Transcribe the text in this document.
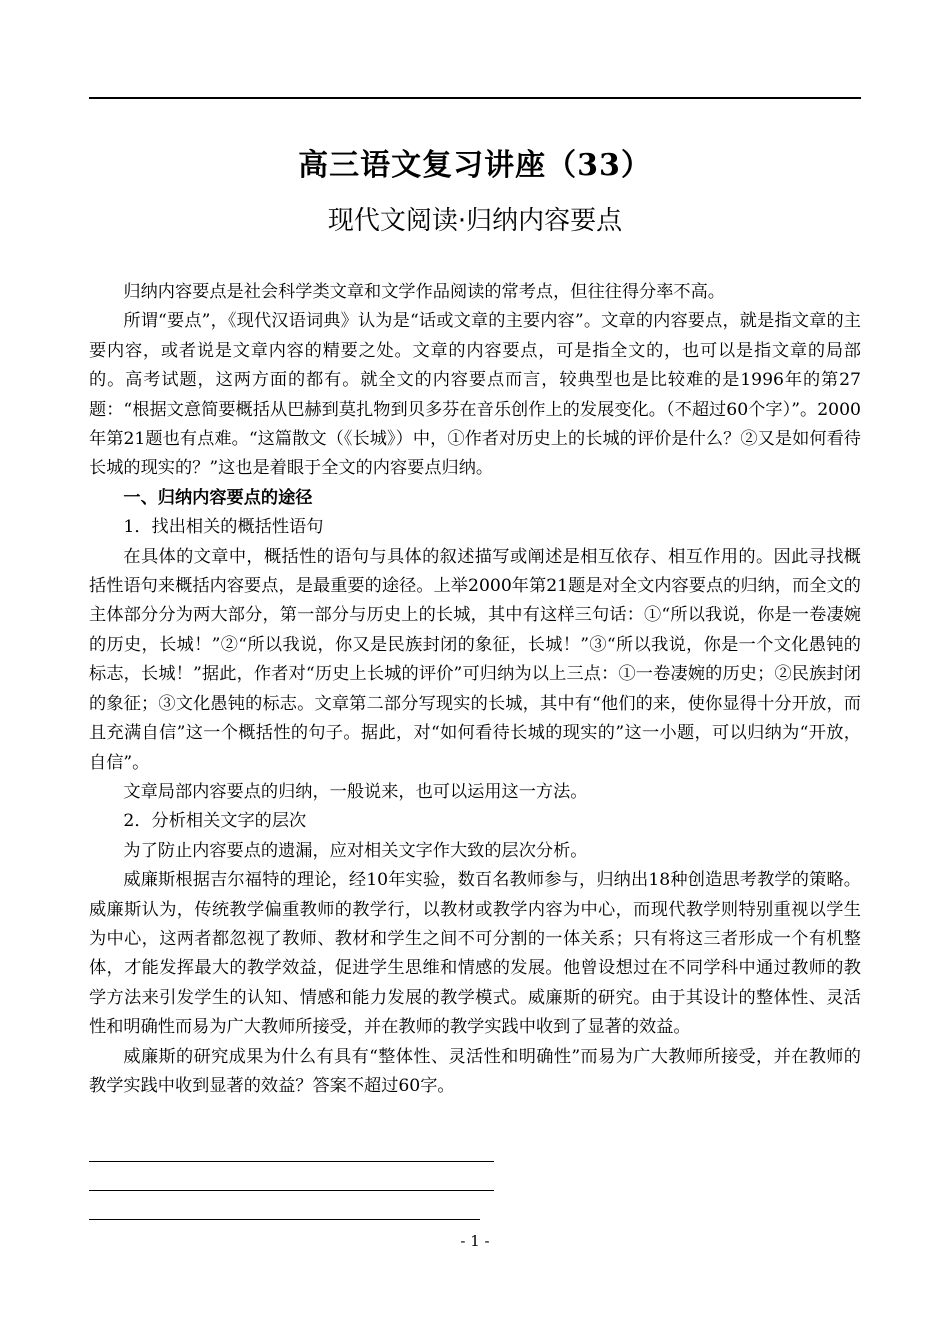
高三语文复习讲座（33）
现代文阅读·归纳内容要点

归纳内容要点是社会科学类文章和文学作品阅读的常考点，但往往得分率不高。

所谓“要点”，《现代汉语词典》认为是“话或文章的主要内容”。文章的内容要点，就是指文章的主要内容，或者说是文章内容的精要之处。文章的内容要点，可是指全文的，也可以是指文章的局部的。高考试题，这两方面的都有。就全文的内容要点而言，较典型也是比较难的是1996年的第27题：“根据文意简要概括从巴赫到莫扎物到贝多芬在音乐创作上的发展变化。（不超过60个字）”。2000年第21题也有点难。“这篇散文（《长城》）中，①作者对历史上的长城的评价是什么？②又是如何看待长城的现实的？”这也是着眼于全文的内容要点归纳。

一、归纳内容要点的途径

1．找出相关的概括性语句

在具体的文章中，概括性的语句与具体的叙述描写或阐述是相互依存、相互作用的。因此寻找概括性语句来概括内容要点，是最重要的途径。上举2000年第21题是对全文内容要点的归纳，而全文的主体部分分为两大部分，第一部分与历史上的长城，其中有这样三句话：①“所以我说，你是一卷凄婉的历史，长城！”②“所以我说，你又是民族封闭的象征，长城！”③“所以我说，你是一个文化愚钝的标志，长城！”据此，作者对“历史上长城的评价”可归纳为以上三点：①一卷凄婉的历史；②民族封闭的象征；③文化愚钝的标志。文章第二部分写现实的长城，其中有“他们的来，使你显得十分开放，而且充满自信”这一个概括性的句子。据此，对“如何看待长城的现实的”这一小题，可以归纳为“开放，自信”。

文章局部内容要点的归纳，一般说来，也可以运用这一方法。

2．分析相关文字的层次

为了防止内容要点的遗漏，应对相关文字作大致的层次分析。

威廉斯根据吉尔福特的理论，经10年实验，数百名教师参与，归纳出18种创造思考教学的策略。威廉斯认为，传统教学偏重教师的教学行，以教材或教学内容为中心，而现代教学则特别重视以学生为中心，这两者都忽视了教师、教材和学生之间不可分割的一体关系；只有将这三者形成一个有机整体，才能发挥最大的教学效益，促进学生思维和情感的发展。他曾设想过在不同学科中通过教师的教学方法来引发学生的认知、情感和能力发展的教学模式。威廉斯的研究。由于其设计的整体性、灵活性和明确性而易为广大教师所接受，并在教师的教学实践中收到了显著的效益。

威廉斯的研究成果为什么有具有“整体性、灵活性和明确性”而易为广大教师所接受，并在教师的教学实践中收到显著的效益？答案不超过60字。

- 1 -
